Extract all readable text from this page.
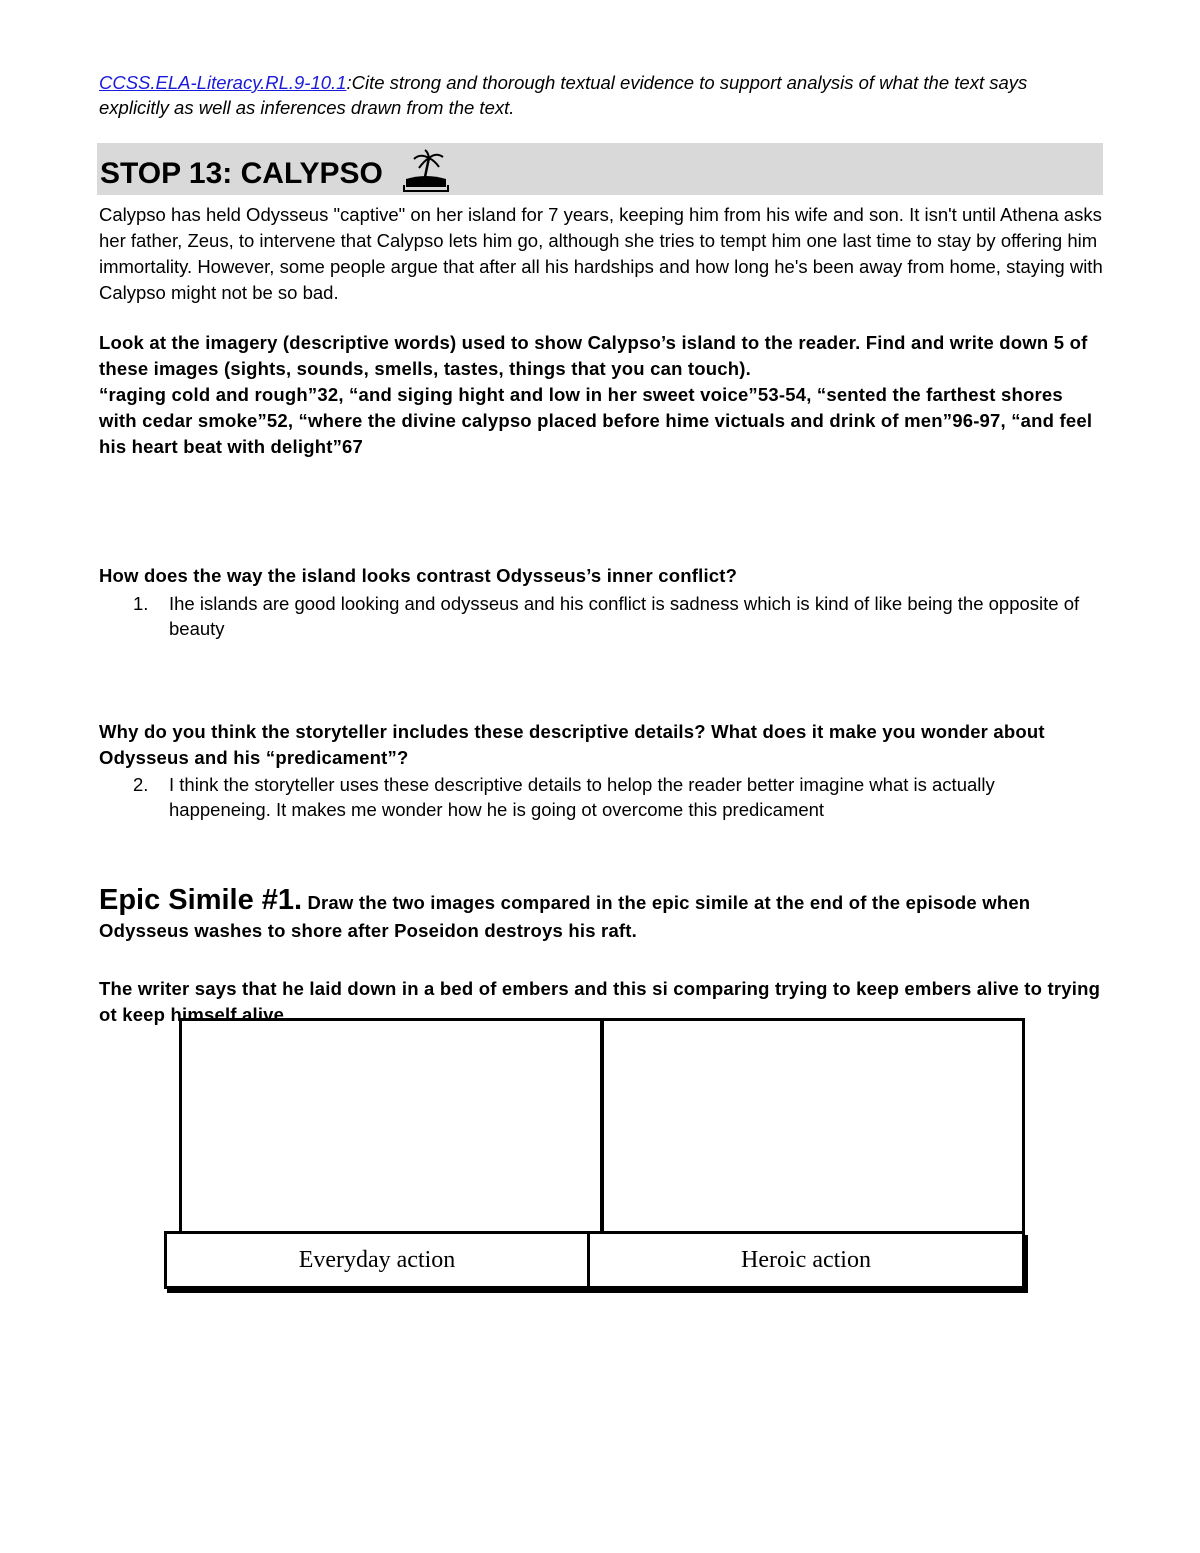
CCSS.ELA-Literacy.RL.9-10.1:Cite strong and thorough textual evidence to support analysis of what the text says explicitly as well as inferences drawn from the text.
STOP 13: CALYPSO
Calypso has held Odysseus "captive" on her island for 7 years, keeping him from his wife and son. It isn't until Athena asks her father, Zeus, to intervene that Calypso lets him go, although she tries to tempt him one last time to stay by offering him immortality. However, some people argue that after all his hardships and how long he's been away from home, staying with Calypso might not be so bad.
Look at the imagery (descriptive words) used to show Calypso’s island to the reader. Find and write down 5 of these images (sights, sounds, smells, tastes, things that you can touch).
“raging cold and rough”32, “and siging hight and low in her sweet voice”53-54, “sented the farthest shores with cedar smoke”52, “where the divine calypso placed before hime victuals and drink of men”96-97, “and feel his heart beat with delight”67
How does the way the island looks contrast Odysseus’s inner conflict?
1. Ihe islands are good looking and odysseus and his conflict is sadness which is kind of like being the opposite of beauty
Why do you think the storyteller includes these descriptive details? What does it make you wonder about Odysseus and his “predicament”?
2. I think the storyteller uses these descriptive details to helop the reader better imagine what is actually happeneing. It makes me wonder how he is going ot overcome this predicament
Epic Simile #1. Draw the two images compared in the epic simile at the end of the episode when Odysseus washes to shore after Poseidon destroys his raft.
The writer says that he laid down in a bed of embers and this si comparing trying to keep embers alive to trying ot keep himself alive
Everyday action	Heroic action
